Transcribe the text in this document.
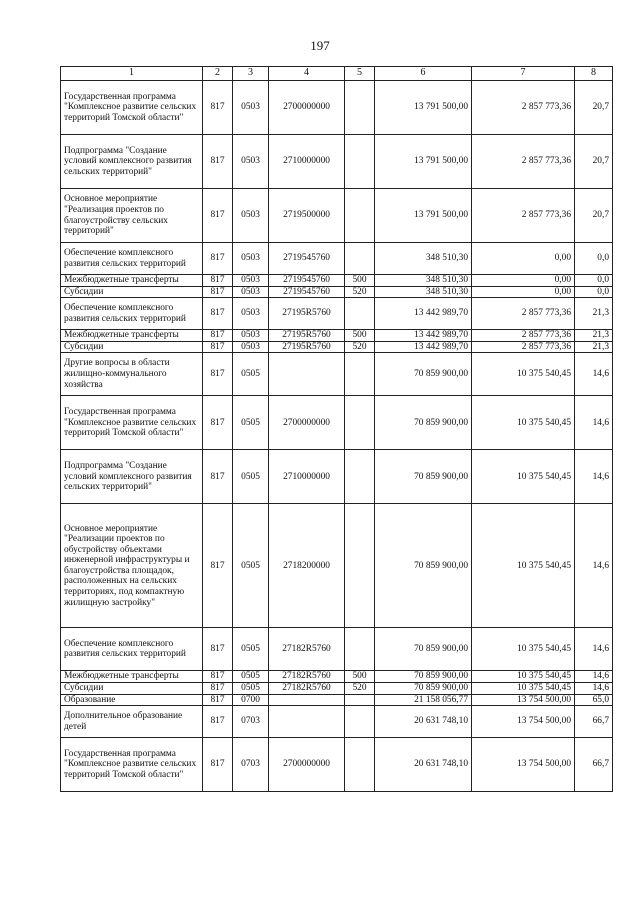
197
1	2	3	4	5	6	7	8
Государственная программа "Комплексное развитие сельских территорий Томской области"	817	0503	2700000000		13 791 500,00	2 857 773,36	20,7
Подпрограмма "Создание условий комплексного развития сельских территорий"	817	0503	2710000000		13 791 500,00	2 857 773,36	20,7
Основное мероприятие "Реализация проектов по благоустройству сельских территорий"	817	0503	2719500000		13 791 500,00	2 857 773,36	20,7
Обеспечение комплексного развития сельских территорий	817	0503	2719545760		348 510,30	0,00	0,0
Межбюджетные трансферты	817	0503	2719545760	500	348 510,30	0,00	0,0
Субсидии	817	0503	2719545760	520	348 510,30	0,00	0,0
Обеспечение комплексного развития сельских территорий	817	0503	27195R5760		13 442 989,70	2 857 773,36	21,3
Межбюджетные трансферты	817	0503	27195R5760	500	13 442 989,70	2 857 773,36	21,3
Субсидии	817	0503	27195R5760	520	13 442 989,70	2 857 773,36	21,3
Другие вопросы в области жилищно-коммунального хозяйства	817	0505			70 859 900,00	10 375 540,45	14,6
Государственная программа "Комплексное развитие сельских территорий Томской области"	817	0505	2700000000		70 859 900,00	10 375 540,45	14,6
Подпрограмма "Создание условий комплексного развития сельских территорий"	817	0505	2710000000		70 859 900,00	10 375 540,45	14,6
Основное мероприятие "Реализации проектов по обустройству объектами инженерной инфраструктуры и благоустройства площадок, расположенных на сельских территориях, под компактную жилищную застройку"	817	0505	2718200000		70 859 900,00	10 375 540,45	14,6
Обеспечение комплексного развития сельских территорий	817	0505	27182R5760		70 859 900,00	10 375 540,45	14,6
Межбюджетные трансферты	817	0505	27182R5760	500	70 859 900,00	10 375 540,45	14,6
Субсидии	817	0505	27182R5760	520	70 859 900,00	10 375 540,45	14,6
Образование	817	0700			21 158 056,77	13 754 500,00	65,0
Дополнительное образование детей	817	0703			20 631 748,10	13 754 500,00	66,7
Государственная программа "Комплексное развитие сельских территорий Томской области"	817	0703	2700000000		20 631 748,10	13 754 500,00	66,7
